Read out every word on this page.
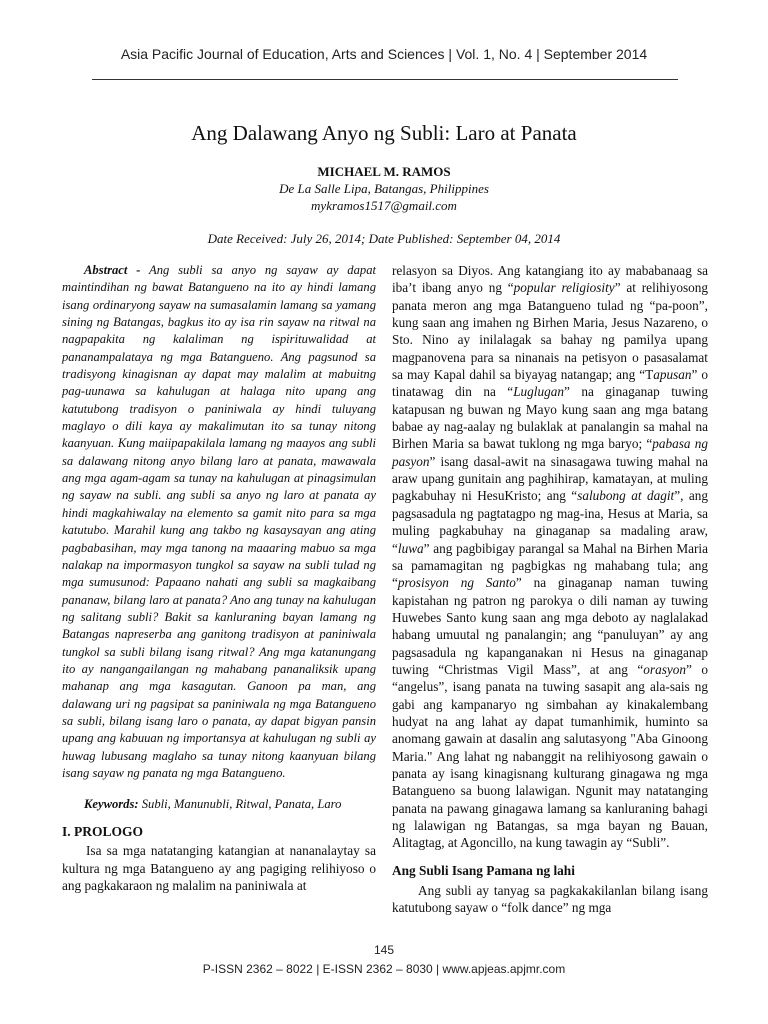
Asia Pacific Journal of Education, Arts and Sciences | Vol. 1, No. 4 | September 2014
Ang Dalawang Anyo ng Subli: Laro at Panata
MICHAEL M. RAMOS
De La Salle Lipa, Batangas, Philippines
mykramos1517@gmail.com
Date Received: July 26, 2014; Date Published: September 04, 2014

Abstract - Ang subli sa anyo ng sayaw ay dapat maintindihan ng bawat Batangueno na ito ay hindi lamang isang ordinaryong sayaw na sumasalamin lamang sa yamang sining ng Batangas, bagkus ito ay isa rin sayaw na ritwal na nagpapakita ng kalaliman ng ispirituwalidad at pananampalataya ng mga Batangueno. Ang pagsunod sa tradisyong kinagisnan ay dapat may malalim at mabuitng pag-uunawa sa kahulugan at halaga nito upang ang katutubong tradisyon o paniniwala ay hindi tuluyang maglayo o dili kaya ay makalimutan ito sa tunay nitong kaanyuan. Kung maiipapakilala lamang ng maayos ang subli sa dalawang nitong anyo bilang laro at panata, mawawala ang mga agam-agam sa tunay na kahulugan at pinagsimulan ng sayaw na subli. ang subli sa anyo ng laro at panata ay hindi magkahiwalay na elemento sa gamit nito para sa mga katutubo. Marahil kung ang takbo ng kasaysayan ang ating pagbabasihan, may mga tanong na maaaring mabuo sa mga nalakap na impormasyon tungkol sa sayaw na subli tulad ng mga sumusunod: Papaano nahati ang subli sa magkaibang pananaw, bilang laro at panata? Ano ang tunay na kahulugan ng salitang subli? Bakit sa kanluraning bayan lamang ng Batangas napreserba ang ganitong tradisyon at paniniwala tungkol sa subli bilang isang ritwal? Ang mga katanungang ito ay nangangailangan ng mahabang pananaliksik upang mahanap ang mga kasagutan. Ganoon pa man, ang dalawang uri ng pagsipat sa paniniwala ng mga Batangueno sa subli, bilang isang laro o panata, ay dapat bigyan pansin upang ang kabuuan ng importansya at kahulugan ng subli ay huwag lubusang maglaho sa tunay nitong kaanyuan bilang isang sayaw ng panata ng mga Batangueno.

Keywords: Subli, Manunubli, Ritwal, Panata, Laro

I. PROLOGO

Isa sa mga natatanging katangian at nananalaytay sa kultura ng mga Batangueno ay ang pagiging relihiyoso o ang pagkakaraon ng malalim na paniniwala at

relasyon sa Diyos. Ang katangiang ito ay mababanaag sa iba’t ibang anyo ng “popular religiosity” at relihiyosong panata meron ang mga Batangueno tulad ng “pa-poon”, kung saan ang imahen ng Birhen Maria, Jesus Nazareno, o Sto. Nino ay inilalagak sa bahay ng pamilya upang magpanovena para sa ninanais na petisyon o pasasalamat sa may Kapal dahil sa biyayag natangap; ang “Tapusan” o tinatawag din na “Luglugan” na ginaganap tuwing katapusan ng buwan ng Mayo kung saan ang mga batang babae ay nag-aalay ng bulaklak at panalangin sa mahal na Birhen Maria sa bawat tuklong ng mga baryo; “pabasa ng pasyon” isang dasal-awit na sinasagawa tuwing mahal na araw upang gunitain ang paghihirap, kamatayan, at muling pagkabuhay ni HesuKristo; ang “salubong at dagit”, ang pagsasadula ng pagtatagpo ng mag-ina, Hesus at Maria, sa muling pagkabuhay na ginaganap sa madaling araw, “luwa” ang pagbibigay parangal sa Mahal na Birhen Maria sa pamamagitan ng pagbigkas ng mahabang tula; ang “prosisyon ng Santo” na ginaganap naman tuwing kapistahan ng patron ng parokya o dili naman ay tuwing Huwebes Santo kung saan ang mga deboto ay naglalakad habang umuutal ng panalangin; ang “panuluyan” ay ang pagsasadula ng kapanganakan ni Hesus na ginaganap tuwing “Christmas Vigil Mass”, at ang “orasyon” o “angelus”, isang panata na tuwing sasapit ang ala-sais ng gabi ang kampanaryo ng simbahan ay kinakalembang hudyat na ang lahat ay dapat tumanhimik, huminto sa anomang gawain at dasalin ang salutasyong "Aba Ginoong Maria." Ang lahat ng nabanggit na relihiyosong gawain o panata ay isang kinagisnang kulturang ginagawa ng mga Batangueno sa buong lalawigan. Ngunit may natatanging panata na pawang ginagawa lamang sa kanluraning bahagi ng lalawigan ng Batangas, sa mga bayan ng Bauan, Alitagtag, at Agoncillo, na kung tawagin ay “Subli”.

Ang Subli Isang Pamana ng lahi

Ang subli ay tanyag sa pagkakakilanlan bilang isang katutubong sayaw o “folk dance” ng mga

145
P-ISSN 2362 – 8022 | E-ISSN 2362 – 8030 | www.apjeas.apjmr.com
